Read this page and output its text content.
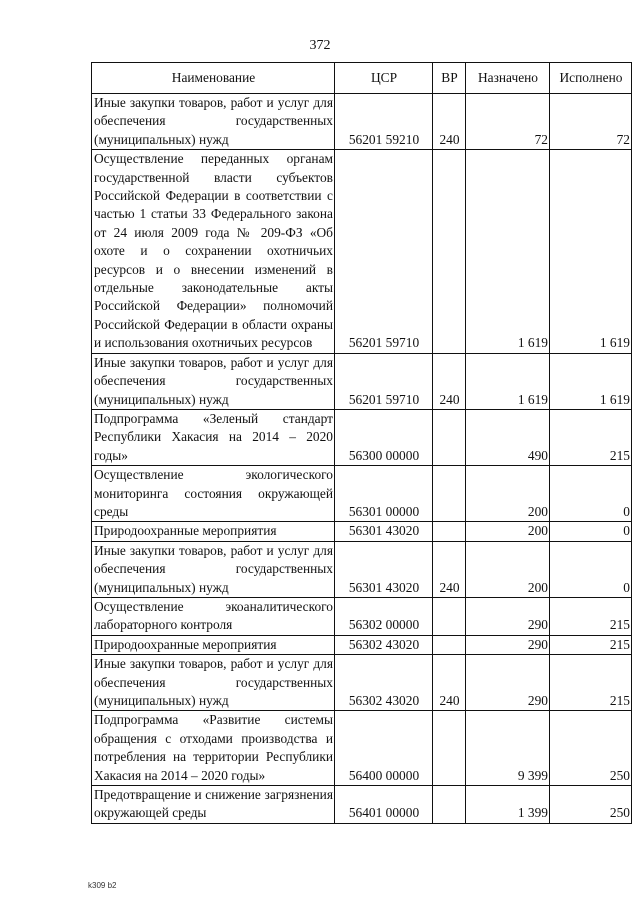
372
Наименование	ЦСР	ВР	Назначено	Исполнено
Иные закупки товаров, работ и услуг для обеспечения государственных (муниципальных) нужд	56201 59210	240	72	72
Осуществление переданных органам государственной власти субъектов Российской Федерации в соответствии с частью 1 статьи 33 Федерального закона от 24 июля 2009 года № 209-ФЗ «Об охоте и о сохранении охотничьих ресурсов и о внесении изменений в отдельные законодательные акты Российской Федерации» полномочий Российской Федерации в области охраны и использования охотничьих ресурсов	56201 59710		1 619	1 619
Иные закупки товаров, работ и услуг для обеспечения государственных (муниципальных) нужд	56201 59710	240	1 619	1 619
Подпрограмма «Зеленый стандарт Республики Хакасия на 2014 – 2020 годы»	56300 00000		490	215
Осуществление экологического мониторинга состояния окружающей среды	56301 00000		200	0
Природоохранные мероприятия	56301 43020		200	0
Иные закупки товаров, работ и услуг для обеспечения государственных (муниципальных) нужд	56301 43020	240	200	0
Осуществление экоаналитического лабораторного контроля	56302 00000		290	215
Природоохранные мероприятия	56302 43020		290	215
Иные закупки товаров, работ и услуг для обеспечения государственных (муниципальных) нужд	56302 43020	240	290	215
Подпрограмма «Развитие системы обращения с отходами производства и потребления на территории Республики Хакасия на 2014 – 2020 годы»	56400 00000		9 399	250
Предотвращение и снижение загрязнения окружающей среды	56401 00000		1 399	250
k309 b2
